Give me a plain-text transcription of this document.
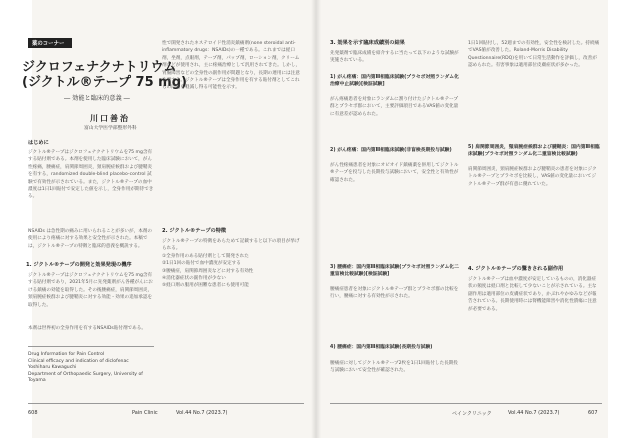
薬のコーナー
ジクロフェナクナトリウム
(ジクトル®テープ 75 mg)
― 効能と臨床的意義 ―
川口善治
富山大学医学部整形外科
はじめに
ジクトル®テープはジクロフェナクナトリウムを75 mg含有する貼付剤である。本剤を使用した臨床試験において，がん性疼痛，腰痛症，肩関節周囲炎，頸肩腕症候群および腱鞘炎を有する，randomized double-blind placebo-control 試験で有効性が示されている。また，ジクトル®テープの血中濃度は1日1回貼付で安定した値を示し，全身作用が期待できる。
NSAIDs は急性期の痛みに用いられることが多いが，本剤の使用により疼痛に対する効果と安全性が示された。本稿では，ジクトル®テープの特徴と臨床的意義を概説する。
1. ジクトル®テープの開発と効果発現の機序
ジクトル®テープはジクロフェナクナトリウムを75 mg含有する貼付剤であり，2021年5月に先発薬剤がん各種がんにおける鎮痛の効能を取得した。その後腰痛症，肩関節周囲炎，頸肩腕症候群および腱鞘炎に対する効能・効果の追加承認を取得した。
本剤は世界初の全身作用を有するNSAIDs貼付剤である。
Drug Information for Pain Control
Clinical efficacy and indication of diclofenac
Yoshiharu Kawaguchi
Department of Orthopaedic Surgery, University of Toyama
性で開発されたネステロイド性消炎鎮痛剤(none steroidal anti-inflammatory drugs：NSAIDs)の一種である。これまでは経口剤，坐剤，点眼剤，テープ剤，パップ剤，ローション剤，クリーム剤などが使用され，主に疼痛治療として汎用されてきた。しかし，胃腸障害などの全身性の副作用が問題となり，長期の連用には注意を要する。ジクトル®テープは全身作用を有する貼付剤としてこれらの問題を軽減し得る可能性を示す。
2. ジクトル®テープの特徴
ジクトル®テープの特徴をあらためて記載すると以下の項目が挙げられる。
①全身作用のある貼付剤として開発された
②1日1回の貼付で血中濃度が安定する
③腰痛症，肩関節周囲炎などに対する有効性
④消化器症状の副作用が少ない
⑤経口剤の服用が困難な患者にも使用可能
608	Pain Clinic	Vol.44 No.7 (2023.7)
3. 効果を示す臨床成績別の結果
先発薬剤で臨床成績を紹介するに当たって以下のような試験が実施されている。
1) がん疼痛：国内第Ⅲ相臨床試験(プラセボ対照ランダム化治療中止試験)[検証試験]
がん疼痛患者を対象にランダムに割り付けたジクトル®テープ群とプラセボ群において，主要評価項目であるVAS値の変化量に有意差が認められた。
2) がん疼痛：国内第Ⅲ相臨床試験(非盲検長期投与試験)
がん性疼痛患者を対象にオピオイド鎮痛薬を併用してジクトル®テープを投与した長期投与試験において，安全性と有効性が確認された。
3) 腰痛症：国内第Ⅲ相臨床試験(プラセボ対照ランダム化二重盲検比較試験)[検証試験]
腰痛症患者を対象にジクトル®テープ群とプラセボ群の比較を行い，腰痛に対する有効性が示された。
4) 腰痛症：国内第Ⅲ相臨床試験(長期投与試験)
腰痛症に対してジクトル®テープ2枚を1日1回貼付した長期投与試験において安全性が確認された。
1日1回貼付し，52週までの有効性，安全性を検討した。持続痛でVAS値が改善した。Roland-Morris Disability Questionnaire(RDQ)を用いて日常生活動作を評価し，改善が認められた。有害事象は適用部位皮膚症状が多かった。
5) 肩関節周囲炎，頸肩腕症候群および腱鞘炎：国内第Ⅲ相臨床試験(プラセボ対照ランダム化二重盲検比較試験)
肩関節周囲炎，頸肩腕症候群および腱鞘炎の患者を対象にジクトル®テープとプラセボを比較し，VAS値の変化量においてジクトル®テープ群が有意に優れていた。
4. ジクトル®テープの驚きされる副作用
ジクトル®テープは血中濃度が安定しているものの，消化器症状の頻度は経口剤と比較して少ないことが示されている。主な副作用は適用部位の皮膚症状であり，かぶれやかゆみなどが報告されている。長期使用時には腎機能障害や消化性潰瘍に注意が必要である。
ペインクリニック	Vol.44 No.7 (2023.7)	607
